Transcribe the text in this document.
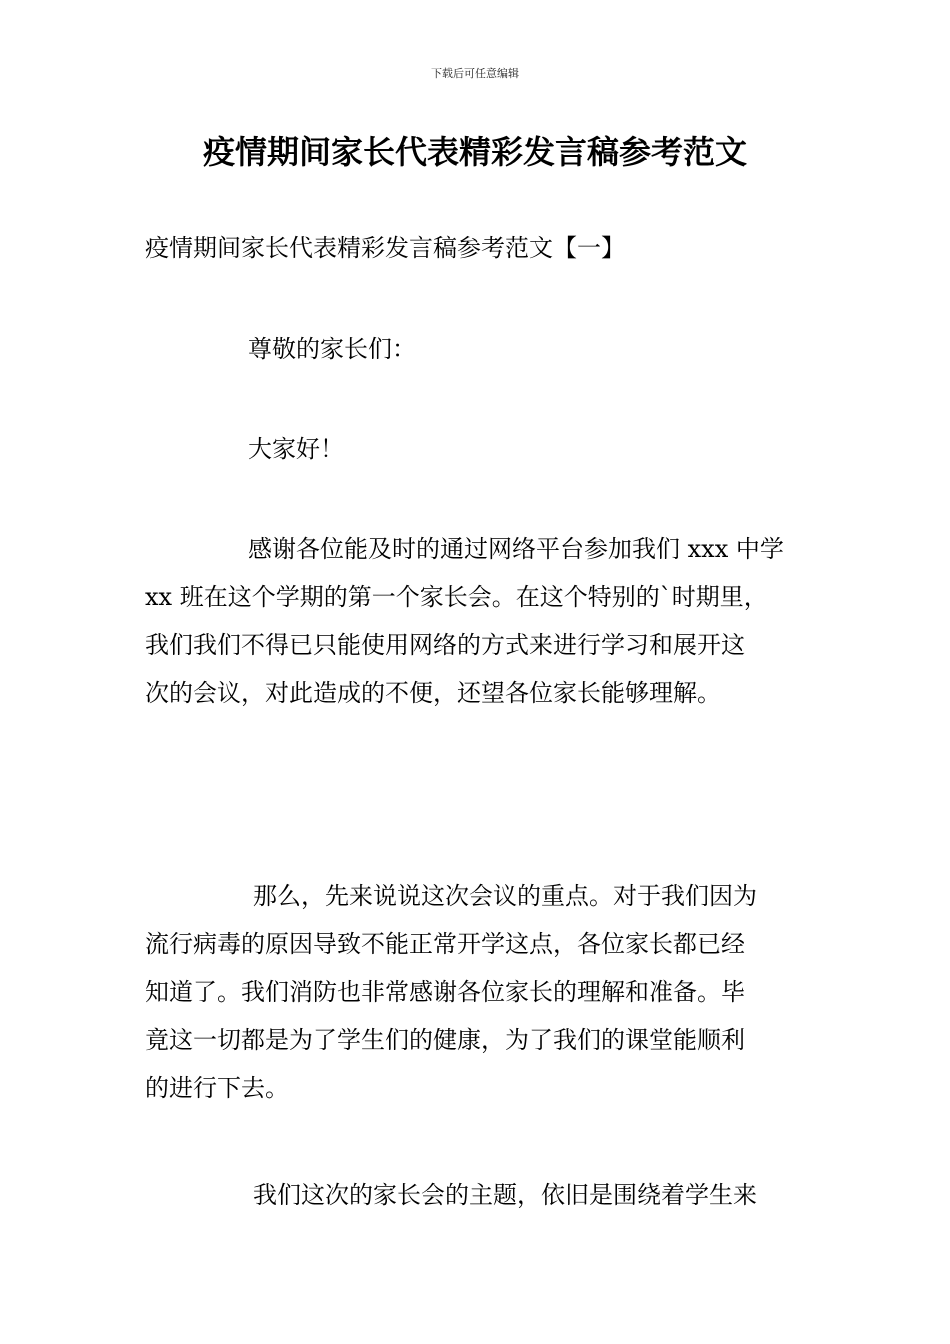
下载后可任意编辑
疫情期间家长代表精彩发言稿参考范文
疫情期间家长代表精彩发言稿参考范文【一】
尊敬的家长们：
大家好！
感谢各位能及时的通过网络平台参加我们 xxx 中学
xx 班在这个学期的第一个家长会。在这个特别的`时期里，
我们我们不得已只能使用网络的方式来进行学习和展开这
次的会议，对此造成的不便，还望各位家长能够理解。
那么，先来说说这次会议的重点。对于我们因为
流行病毒的原因导致不能正常开学这点，各位家长都已经
知道了。我们消防也非常感谢各位家长的理解和准备。毕
竟这一切都是为了学生们的健康，为了我们的课堂能顺利
的进行下去。
我们这次的家长会的主题，依旧是围绕着学生来
